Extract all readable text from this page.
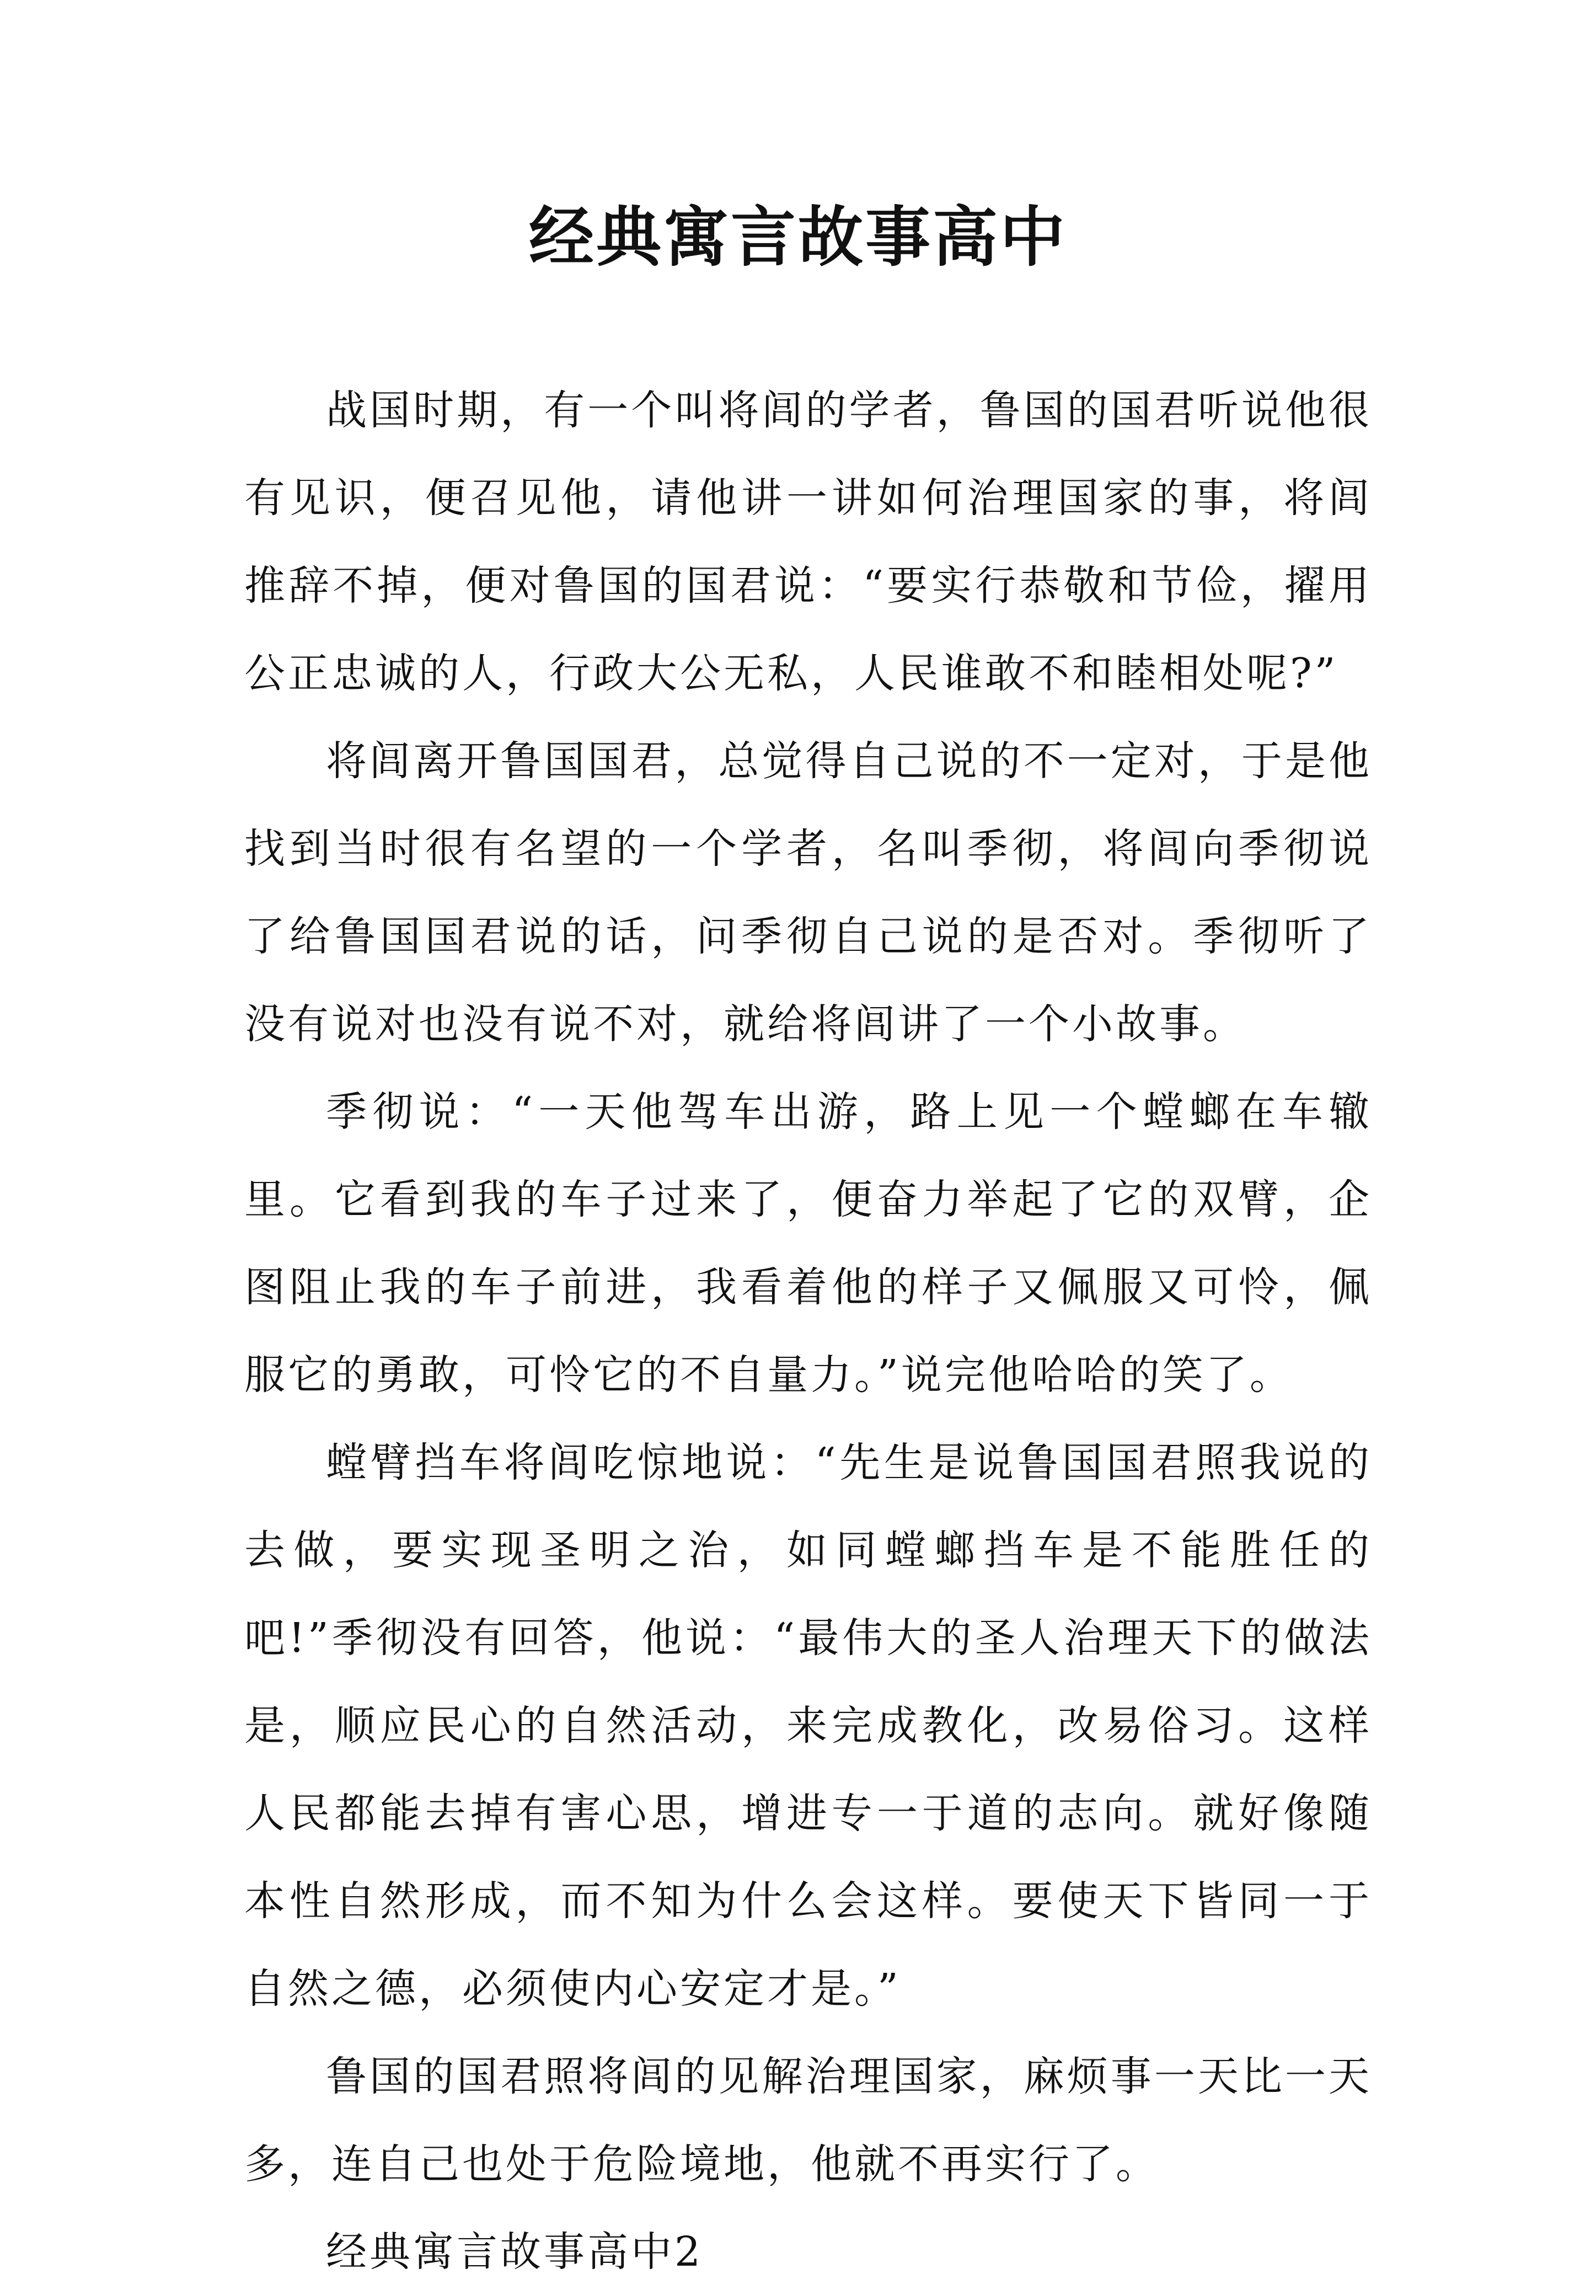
经典寓言故事高中

战国时期，有一个叫将闾的学者，鲁国的国君听说他很有见识，便召见他，请他讲一讲如何治理国家的事，将闾推辞不掉，便对鲁国的国君说：“要实行恭敬和节俭，擢用公正忠诚的人，行政大公无私，人民谁敢不和睦相处呢?”

将闾离开鲁国国君，总觉得自己说的不一定对，于是他找到当时很有名望的一个学者，名叫季彻，将闾向季彻说了给鲁国国君说的话，问季彻自己说的是否对。季彻听了没有说对也没有说不对，就给将闾讲了一个小故事。

季彻说：“一天他驾车出游，路上见一个螳螂在车辙里。它看到我的车子过来了，便奋力举起了它的双臂，企图阻止我的车子前进，我看着他的样子又佩服又可怜，佩服它的勇敢，可怜它的不自量力。”说完他哈哈的笑了。

螳臂挡车将闾吃惊地说：“先生是说鲁国国君照我说的去做，要实现圣明之治，如同螳螂挡车是不能胜任的吧!”季彻没有回答，他说：“最伟大的圣人治理天下的做法是，顺应民心的自然活动，来完成教化，改易俗习。这样人民都能去掉有害心思，增进专一于道的志向。就好像随本性自然形成，而不知为什么会这样。要使天下皆同一于自然之德，必须使内心安定才是。”

鲁国的国君照将闾的见解治理国家，麻烦事一天比一天多，连自己也处于危险境地，他就不再实行了。

经典寓言故事高中2
